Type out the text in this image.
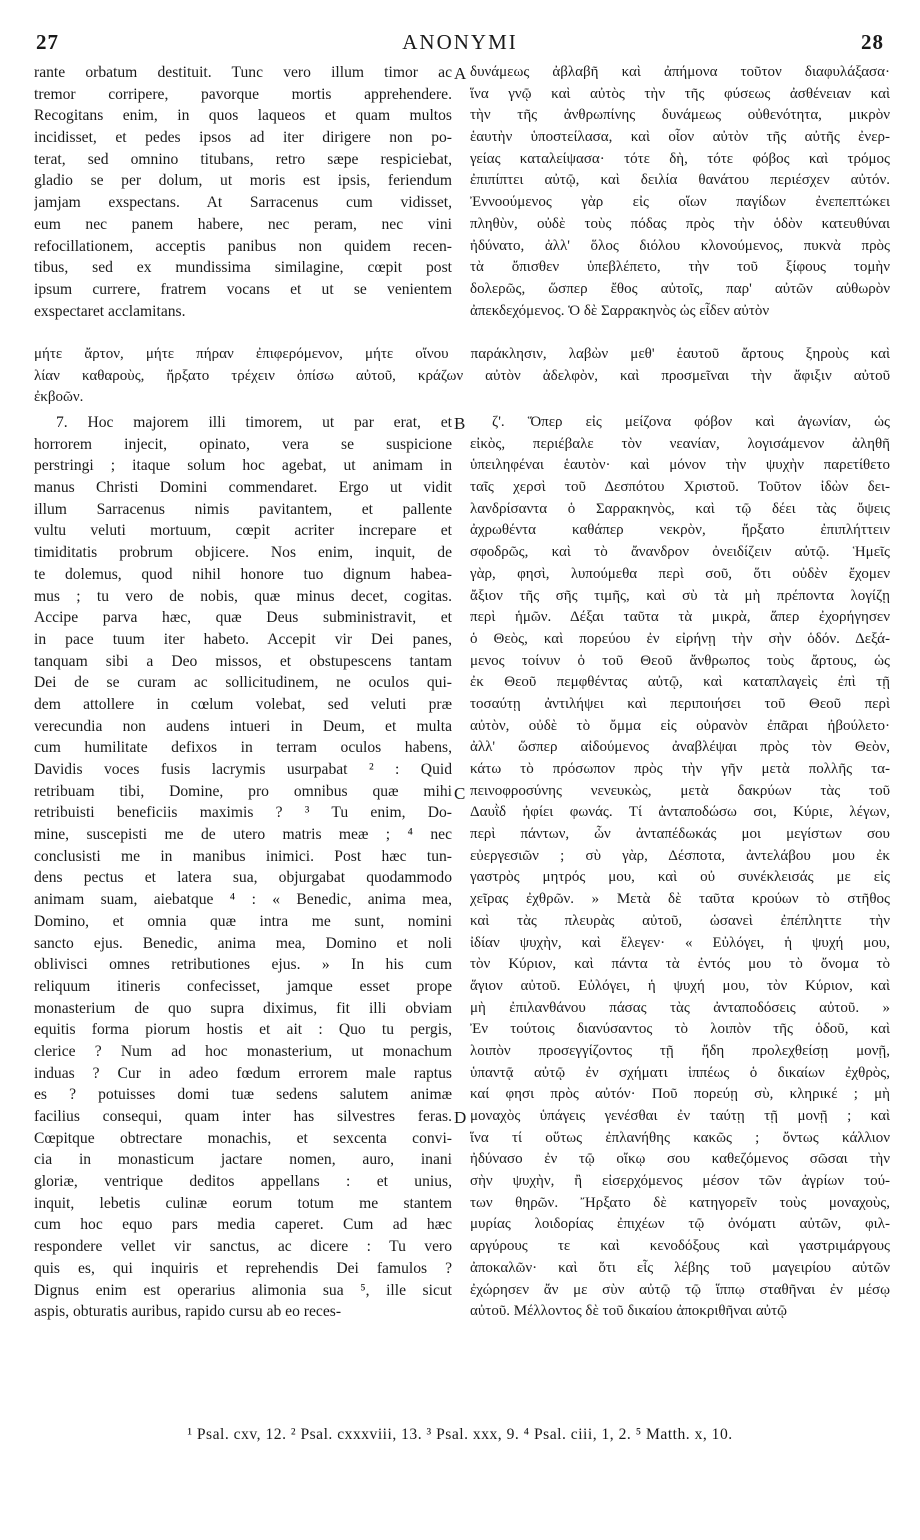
27	ΑΝΟΝΥΜΙ	28
rante orbatum destituit. Tunc vero illum timor ac
tremor corripere, pavorque mortis apprehendere.
Recogitans enim, in quos laqueos et quam multos
incidisset, et pedes ipsos ad iter dirigere non po-
terat, sed omnino titubans, retro sæpe respiciebat,
gladio se per dolum, ut moris est ipsis, feriendum
jamjam exspectans. At Sarracenus cum vidisset,
eum nec panem habere, nec peram, nec vini
refocillationem, acceptis panibus non quidem recen-
tibus, sed ex mundissima similagine, cœpit post
ipsum currere, fratrem vocans et ut se venientem
exspectaret acclamitans.
δυνάμεως ἀβλαβῆ καὶ ἀπήμονα τοῦτον διαφυλάξασα·
ἵνα γνῷ καὶ αὐτὸς τὴν τῆς φύσεως ἀσθένειαν καὶ
τὴν τῆς ἀνθρωπίνης δυνάμεως οὐθενότητα, μικρὸν
ἑαυτὴν ὑποστείλασα, καὶ οἷον αὐτὸν τῆς αὐτῆς ἐνερ-
γείας καταλείψασα· τότε δὴ, τότε φόβος καὶ τρόμος
ἐπιπίπτει αὐτῷ, καὶ δειλία θανάτου περιέσχεν αὐτόν.
Ἐννοούμενος γὰρ εἰς οἵων παγίδων ἐνεπεπτώκει
πληθὺν, οὐδὲ τοὺς πόδας πρὸς τὴν ὁδὸν κατευθύναι
ἠδύνατο, ἀλλ' ὅλος διόλου κλονούμενος, πυκνὰ πρὸς
τὰ ὄπισθεν ὑπεβλέπετο, τὴν τοῦ ξίφους τομὴν
δολερῶς, ὥσπερ ἔθος αὐτοῖς, παρ' αὐτῶν αὐθωρὸν
ἀπεκδεχόμενος. Ὁ δὲ Σαρρακηνὸς ὡς εἶδεν αὐτὸν
μήτε ἄρτον, μήτε πήραν ἐπιφερόμενον, μήτε οἴνου παράκλησιν, λαβὼν μεθ' ἑαυτοῦ ἄρτους ξηροὺς καὶ
λίαν καθαροὺς, ἤρξατο τρέχειν ὀπίσω αὐτοῦ, κράζων αὐτὸν ἀδελφὸν, καὶ προσμεῖναι τὴν ἄφιξιν αὐτοῦ
ἐκβοῶν.
7. Hoc majorem illi timorem, ut par erat, et
horrorem injecit, opinato, vera se suspicione
perstringi ; itaque solum hoc agebat, ut animam in
manus Christi Domini commendaret. Ergo ut vidit
illum Sarracenus nimis pavitantem, et pallente
vultu veluti mortuum, cœpit acriter increpare et
timiditatis probrum objicere. Nos enim, inquit, de
te dolemus, quod nihil honore tuo dignum habea-
mus ; tu vero de nobis, quæ minus decet, cogitas.
Accipe parva hæc, quæ Deus subministravit, et
in pace tuum iter habeto. Accepit vir Dei panes,
tanquam sibi a Deo missos, et obstupescens tantam
Dei de se curam ac sollicitudinem, ne oculos qui-
dem attollere in cœlum volebat, sed veluti præ
verecundia non audens intueri in Deum, et multa
cum humilitate defixos in terram oculos habens,
Davidis voces fusis lacrymis usurpabat ² : Quid
retribuam tibi, Domine, pro omnibus quæ mihi
retribuisti beneficiis maximis ? ³ Tu enim, Do-
mine, suscepisti me de utero matris meæ ; ⁴ nec
conclusisti me in manibus inimici. Post hæc tun-
dens pectus et latera sua, objurgabat quodammodo
animam suam, aiebatque ⁴ : « Benedic, anima mea,
Domino, et omnia quæ intra me sunt, nomini
sancto ejus. Benedic, anima mea, Domino et noli
oblivisci omnes retributiones ejus. » In his cum
reliquum itineris confecisset, jamque esset prope
monasterium de quo supra diximus, fit illi obviam
equitis forma piorum hostis et ait : Quo tu pergis,
clerice ? Num ad hoc monasterium, ut monachum
induas ? Cur in adeo fœdum errorem male raptus
es ? potuisses domi tuæ sedens salutem animæ
facilius consequi, quam inter has silvestres feras.
Cœpitque obtrectare monachis, et sexcenta convi-
cia in monasticum jactare nomen, auro, inani
gloriæ, ventrique deditos appellans : et unius,
inquit, lebetis culinæ eorum totum me stantem
cum hoc equo pars media caperet. Cum ad hæc
respondere vellet vir sanctus, ac dicere : Tu vero
quis es, qui inquiris et reprehendis Dei famulos ?
Dignus enim est operarius alimonia sua ⁵, ille sicut
aspis, obturatis auribus, rapido cursu ab eo reces-
ζ'. Ὅπερ εἰς μείζονα φόβον καὶ ἀγωνίαν, ὡς
εἰκὸς, περιέβαλε τὸν νεανίαν, λογισάμενον ἀληθῆ
ὑπειληφέναι ἑαυτὸν· καὶ μόνον τὴν ψυχὴν παρετίθετο
ταῖς χερσὶ τοῦ Δεσπότου Χριστοῦ. Τοῦτον ἰδὼν δει-
λανδρίσαντα ὁ Σαρρακηνὸς, καὶ τῷ δέει τὰς ὄψεις
ἀχρωθέντα καθάπερ νεκρὸν, ἤρξατο ἐπιπλήττειν
σφοδρῶς, καὶ τὸ ἄνανδρον ὀνειδίζειν αὐτῷ. Ἡμεῖς
γὰρ, φησὶ, λυπούμεθα περὶ σοῦ, ὅτι οὐδὲν ἔχομεν
ἄξιον τῆς σῆς τιμῆς, καὶ σὺ τὰ μὴ πρέποντα λογίζῃ
περὶ ἡμῶν. Δέξαι ταῦτα τὰ μικρὰ, ἅπερ ἐχορήγησεν
ὁ Θεὸς, καὶ πορεύου ἐν εἰρήνῃ τὴν σὴν ὁδόν. Δεξά-
μενος τοίνυν ὁ τοῦ Θεοῦ ἄνθρωπος τοὺς ἄρτους, ὡς
ἐκ Θεοῦ πεμφθέντας αὐτῷ, καὶ καταπλαγεὶς ἐπὶ τῇ
τοσαύτῃ ἀντιλήψει καὶ περιποιήσει τοῦ Θεοῦ περὶ
αὐτὸν, οὐδὲ τὸ ὄμμα εἰς οὐρανὸν ἐπᾶραι ἠβούλετο·
ἀλλ' ὥσπερ αἰδούμενος ἀναβλέψαι πρὸς τὸν Θεὸν,
κάτω τὸ πρόσωπον πρὸς τὴν γῆν μετὰ πολλῆς τα-
πεινοφροσύνης νενευκὼς, μετὰ δακρύων τὰς τοῦ
Δαυῒδ ἠφίει φωνάς. Τί ἀνταποδώσω σοι, Κύριε, λέγων,
περὶ πάντων, ὧν ἀνταπέδωκάς μοι μεγίστων σου
εὐεργεσιῶν ; σὺ γὰρ, Δέσποτα, ἀντελάβου μου ἐκ
γαστρὸς μητρός μου, καὶ οὐ συνέκλεισάς με εἰς
χεῖρας ἐχθρῶν. » Μετὰ δὲ ταῦτα κρούων τὸ στῆθος
καὶ τὰς πλευρὰς αὐτοῦ, ὡσανεὶ ἐπέπληττε τὴν
ἰδίαν ψυχὴν, καὶ ἔλεγεν· « Εὐλόγει, ἡ ψυχή μου,
τὸν Κύριον, καὶ πάντα τὰ ἐντός μου τὸ ὄνομα τὸ
ἅγιον αὐτοῦ. Εὐλόγει, ἡ ψυχή μου, τὸν Κύριον, καὶ
μὴ ἐπιλανθάνου πάσας τὰς ἀνταποδόσεις αὐτοῦ. »
Ἐν τούτοις διανύσαντος τὸ λοιπὸν τῆς ὁδοῦ, καὶ
λοιπὸν προσεγγίζοντος τῇ ἤδη προλεχθείσῃ μονῇ,
ὑπαντᾷ αὐτῷ ἐν σχήματι ἱππέως ὁ δικαίων ἐχθρὸς,
καί φησι πρὸς αὐτόν· Ποῦ πορεύῃ σὺ, κληρικέ ; μὴ
μοναχὸς ὑπάγεις γενέσθαι ἐν ταύτῃ τῇ μονῇ ; καὶ
ἵνα τί οὕτως ἐπλανήθης κακῶς ; ὄντως κάλλιον
ἠδύνασο ἐν τῷ οἴκῳ σου καθεζόμενος σῶσαι τὴν
σὴν ψυχὴν, ἢ εἰσερχόμενος μέσον τῶν ἀγρίων τού-
των θηρῶν. Ἤρξατο δὲ κατηγορεῖν τοὺς μοναχοὺς,
μυρίας λοιδορίας ἐπιχέων τῷ ὀνόματι αὐτῶν, φιλ-
αργύρους τε καὶ κενοδόξους καὶ γαστριμάργους
ἀποκαλῶν· καὶ ὅτι εἷς λέβης τοῦ μαγειρίου αὐτῶν
ἐχώρησεν ἄν με σὺν αὐτῷ τῷ ἵππῳ σταθῆναι ἐν μέσῳ
αὐτοῦ. Μέλλοντος δὲ τοῦ δικαίου ἀποκριθῆναι αὐτῷ
A
B
C
D
¹ Psal. cxv, 12. ² Psal. cxxxviii, 13. ³ Psal. xxx, 9. ⁴ Psal. ciii, 1, 2. ⁵ Matth. x, 10.
